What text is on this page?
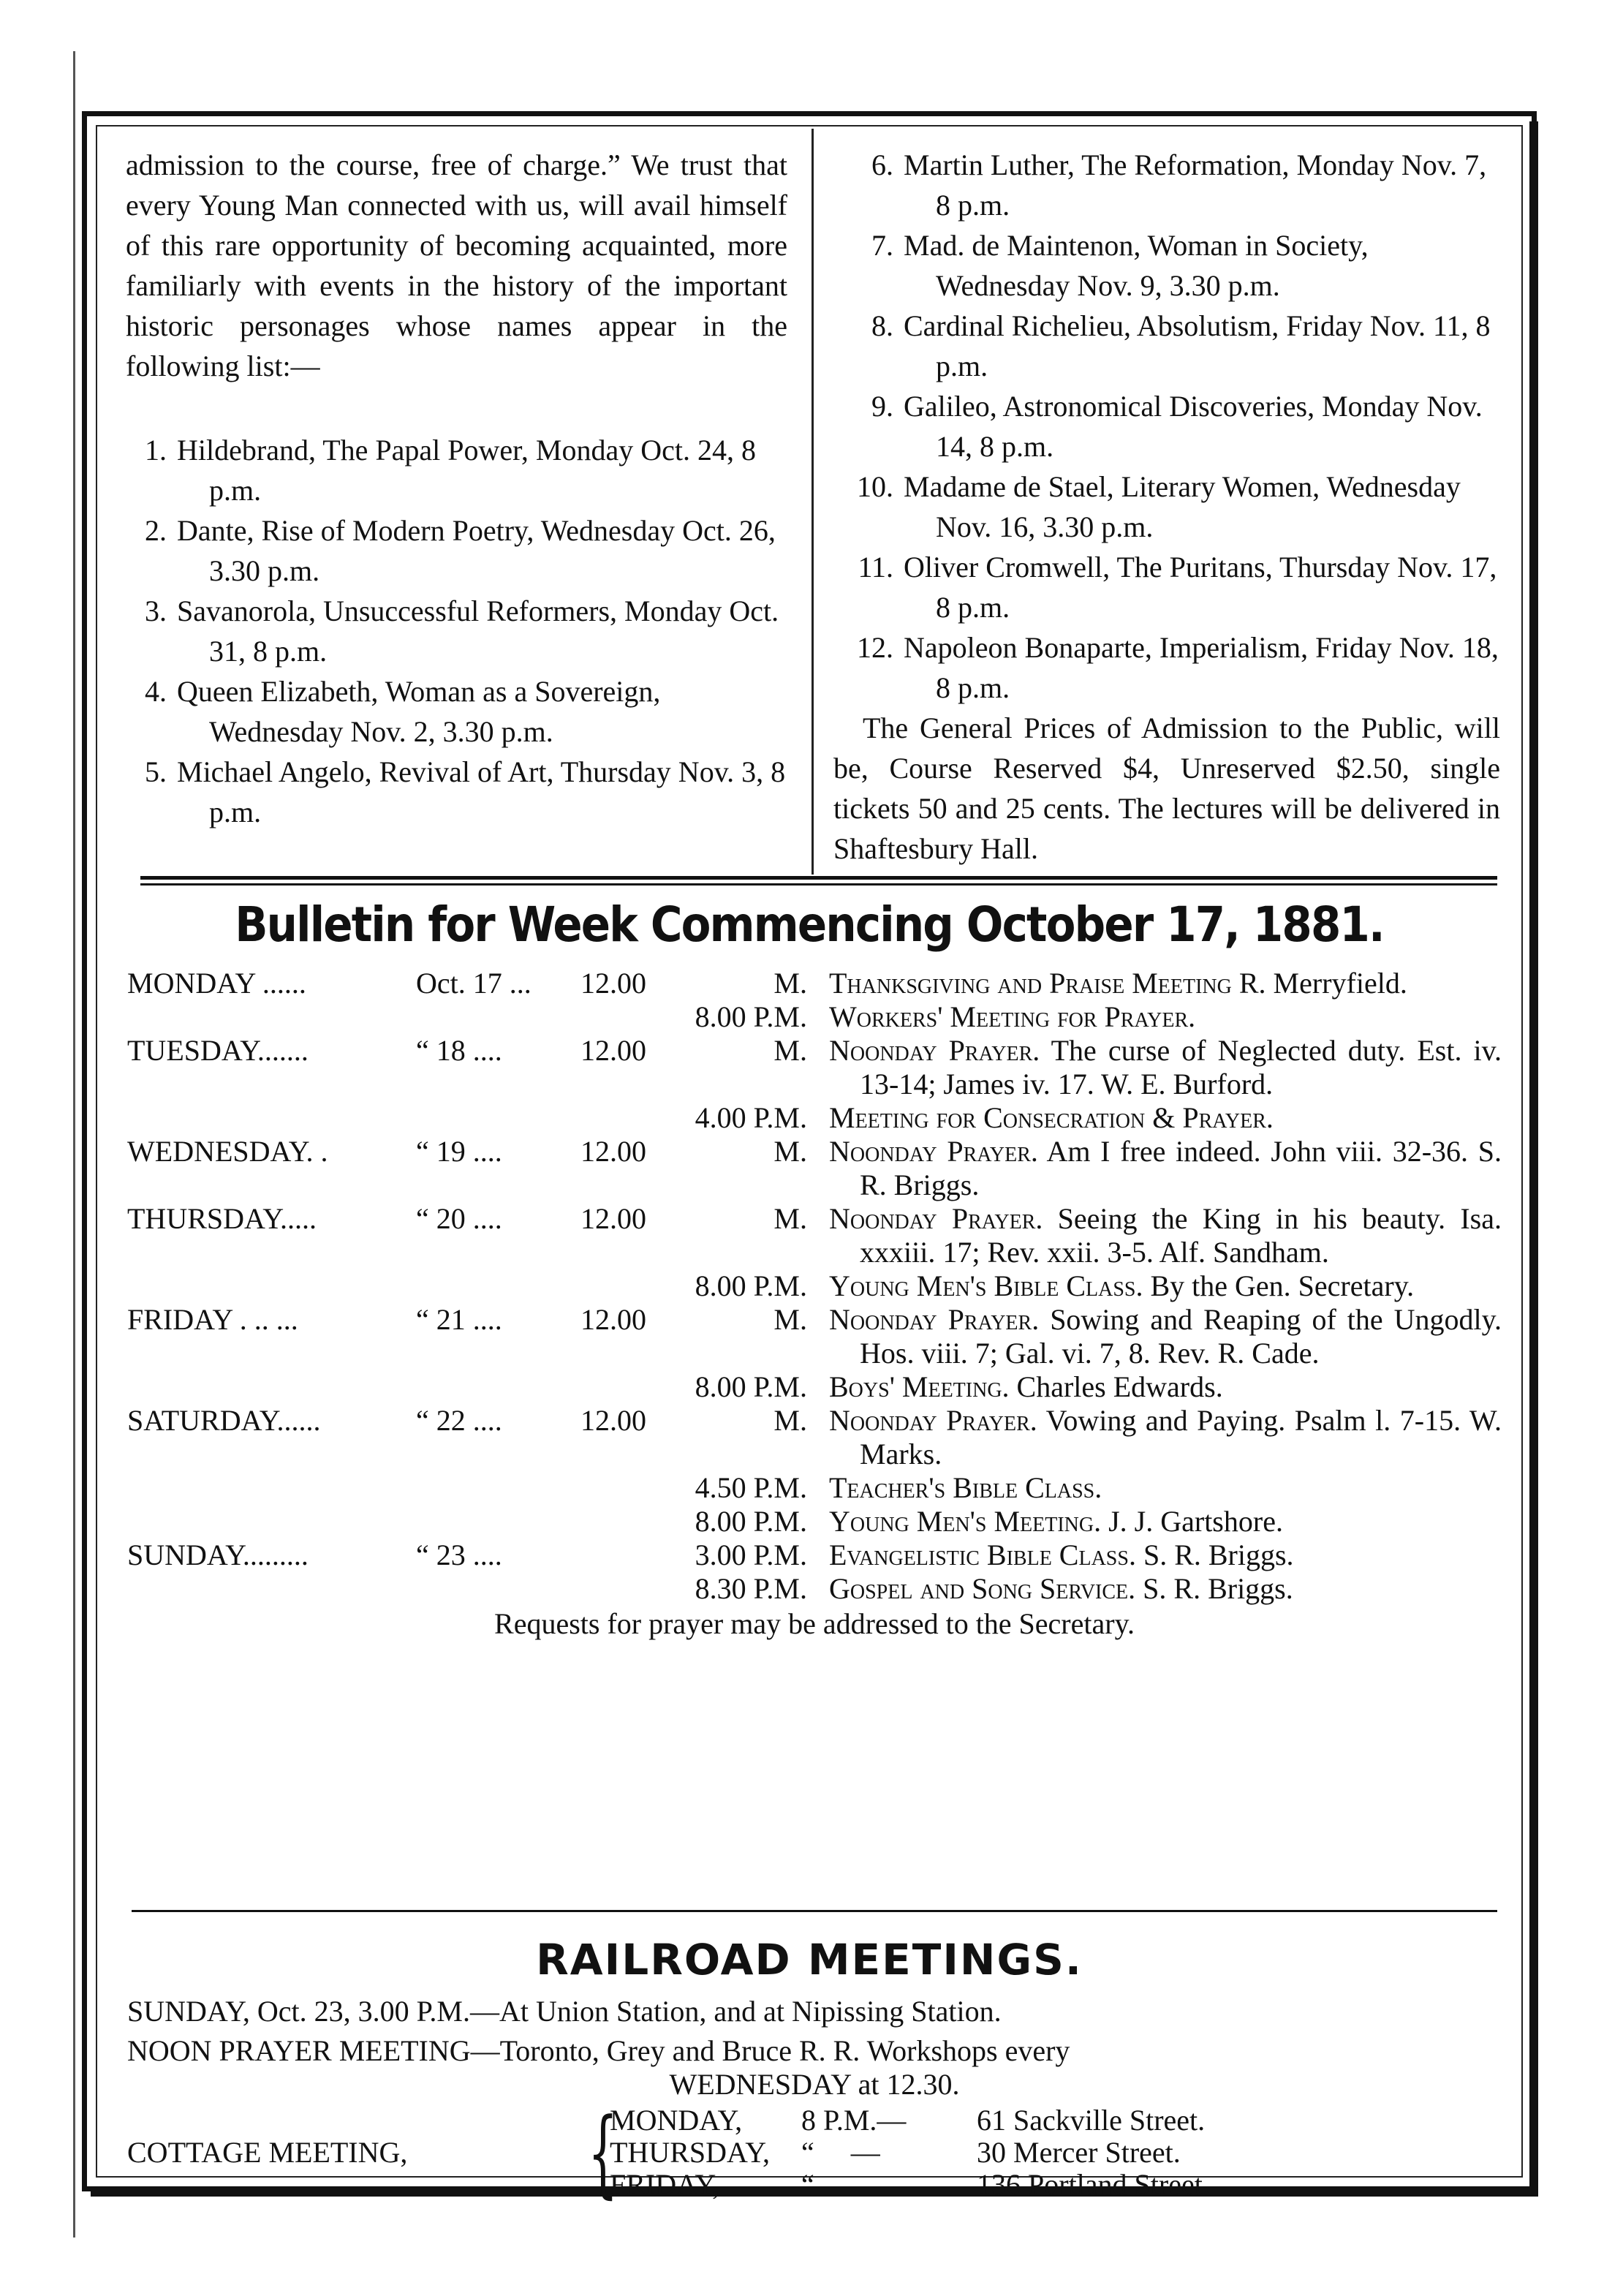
admission to the course, free of charge.ˮ We trust that every Young Man connected with us, will avail himself of this rare opportunity of becoming acquainted, more familiarly with events in the history of the important historic personages whose names appear in the following list:—
1. Hildebrand, The Papal Power, Monday Oct. 24, 8 p.m.
2. Dante, Rise of Modern Poetry, Wednesday Oct. 26, 3.30 p.m.
3. Savanorola, Unsuccessful Reformers, Monday Oct. 31, 8 p.m.
4. Queen Elizabeth, Woman as a Sovereign, Wednesday Nov. 2, 3.30 p.m.
5. Michael Angelo, Revival of Art, Thursday Nov. 3, 8 p.m.
6. Martin Luther, The Reformation, Monday Nov. 7, 8 p.m.
7. Mad. de Maintenon, Woman in Society, Wednesday Nov. 9, 3.30 p.m.
8. Cardinal Richelieu, Absolutism, Friday Nov. 11, 8 p.m.
9. Galileo, Astronomical Discoveries, Monday Nov. 14, 8 p.m.
10. Madame de Stael, Literary Women, Wednesday Nov. 16, 3.30 p.m.
11. Oliver Cromwell, The Puritans, Thursday Nov. 17, 8 p.m.
12. Napoleon Bonaparte, Imperialism, Friday Nov. 18, 8 p.m.
The General Prices of Admission to the Public, will be, Course Reserved $4, Unreserved $2.50, single tickets 50 and 25 cents. The lectures will be delivered in Shaftesbury Hall.
Bulletin for Week Commencing October 17, 1881.
MONDAY ......	Oct. 17 ...	12.00	M. Thanksgiving and Praise Meeting R. Merryfield.
8.00 P.M. Workers' Meeting for Prayer.
TUESDAY.......	“ 18 ....	12.00	M. Noonday Prayer. The curse of Neglected duty. Est. iv. 13-14; James iv. 17. W. E. Burford.
4.00 P.M. Meeting for Consecration & Prayer.
WEDNESDAY. .	“ 19 ....	12.00	M. Noonday Prayer. Am I free indeed. John viii. 32-36. S. R. Briggs.
THURSDAY.....	“ 20 ....	12.00	M. Noonday Prayer. Seeing the King in his beauty. Isa. xxxiii. 17; Rev. xxii. 3-5. Alf. Sandham.
8.00 P.M. Young Men's Bible Class. By the Gen. Secretary.
FRIDAY . .. ...	“ 21 ....	12.00	M. Noonday Prayer. Sowing and Reaping of the Ungodly. Hos. viii. 7; Gal. vi. 7, 8. Rev. R. Cade.
8.00 P.M. Boys' Meeting. Charles Edwards.
SATURDAY......	“ 22 ....	12.00	M. Noonday Prayer. Vowing and Paying. Psalm l. 7-15. W. Marks.
4.50 P.M. Teacher's Bible Class.
8.00 P.M. Young Men's Meeting. J. J. Gartshore.
SUNDAY.........	“ 23 ....	3.00 P.M. Evangelistic Bible Class. S. R. Briggs.
8.30 P.M. Gospel and Song Service. S. R. Briggs.
Requests for prayer may be addressed to the Secretary.
RAILROAD MEETINGS.
SUNDAY, Oct. 23, 3.00 P.M.—At Union Station, and at Nipissing Station.
NOON PRAYER MEETING—Toronto, Grey and Bruce R. R. Workshops every
WEDNESDAY at 12.30.
COTTAGE MEETING,	{
MONDAY,	8 P.M.—	61 Sackville Street.
THURSDAY,	“     —	30 Mercer Street.
FRIDAY,	“     —	136 Portland Street.
